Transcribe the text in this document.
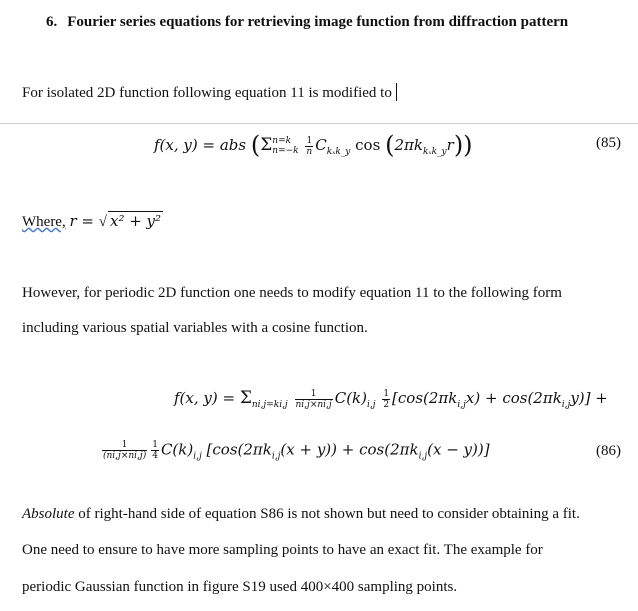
6. Fourier series equations for retrieving image function from diffraction pattern
For isolated 2D function following equation 11 is modified to
f(x, y) = abs (Σ n=k
n=−k
$\frac{1}{n} C_{k_xk\_y}$ $\cos (2\pi k_{k_xk\_y}r)$)	(85)
Where, r = √ x² + y²
However, for periodic 2D function one needs to modify equation 11 to the following form
including various spatial variables with a cosine function.
f(x, $y) = \Sigma_{ni,j=ki,j} \frac{1}{ni,j\times ni,j} C(k)_{i,j} \frac{1}{2} [\cos(2\pi k_{i,j}x) + \cos(2\pi k_{i,j}y)]$ +
$\frac{1}{(ni,j\times ni,j)} \frac{1}{4} C(k)_{i,j}$ $[\cos(2\pi k_{i,j}(x + y)) + \cos(2\pi k_{i,j}(x - y))]$	(86)
Absolute of right-hand side of equation S86 is not shown but need to consider obtaining a fit.
One need to ensure to have more sampling points to have an exact fit. The example for
periodic Gaussian function in figure S19 used 400×400 sampling points.
